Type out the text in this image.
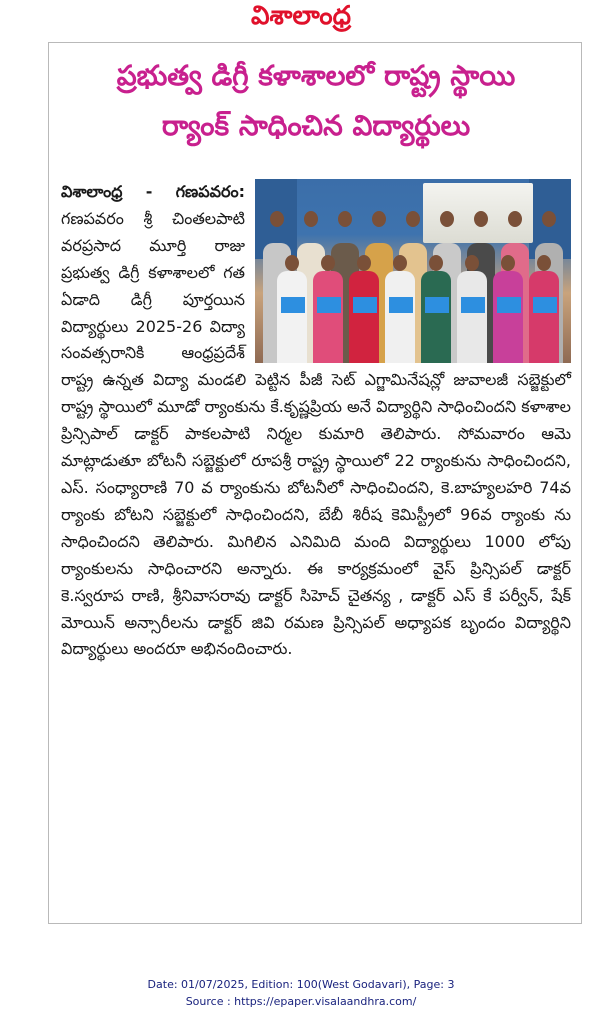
విశాలాంధ్ర
ప్రభుత్వ డిగ్రీ కళాశాలలో రాష్ట్ర స్థాయి
ర్యాంక్ సాధించిన విద్యార్థులు

విశాలాంధ్ర - గణపవరం: గణపవరం శ్రీ చింతలపాటి వరప్రసాద మూర్తి రాజు ప్రభుత్వ డిగ్రీ కళాశాలలో గత ఏడాది డిగ్రీ పూర్తయిన విద్యార్థులు 2025-26 విద్యా సంవత్సరానికి ఆంధ్రప్రదేశ్ రాష్ట్ర ఉన్నత విద్యా మండలి పెట్టిన పీజీ సెట్ ఎగ్జామినేషన్లో జువాలజీ సబ్జెక్టులో రాష్ట్ర స్థాయిలో మూడో ర్యాంకును కే.కృష్ణప్రియ అనే విద్యార్థిని సాధించిందని కళాశాల ప్రిన్సిపాల్ డాక్టర్ పాకలపాటి నిర్మల కుమారి తెలిపారు. సోమవారం ఆమె మాట్లాడుతూ బోటనీ సబ్జెక్టులో రూపశ్రీ రాష్ట్ర స్థాయిలో 22 ర్యాంకును సాధించిందని, ఎస్. సంధ్యారాణి 70 వ ర్యాంకును బోటనీలో సాధించిందని, కె.బాహ్యలహరి 74వ ర్యాంకు బోటని సబ్జెక్టులో సాధించిందని, బేబీ శిరీష కెమిస్ట్రీలో 96వ ర్యాంకు ను సాధించిందని తెలిపారు. మిగిలిన ఎనిమిది మంది విద్యార్థులు 1000 లోపు ర్యాంకులను సాధించారని అన్నారు. ఈ కార్యక్రమంలో వైస్ ప్రిన్సిపల్ డాక్టర్ కె.స్వరూప రాణి, శ్రీనివాసరావు డాక్టర్ సిహెచ్ చైతన్య , డాక్టర్ ఎస్ కే పర్వీన్, షేక్ మోయిన్ అన్సారీలను డాక్టర్ జివి రమణ ప్రిన్సిపల్ అధ్యాపక బృందం విద్యార్థిని విద్యార్థులు అందరూ అభినందించారు.

Date: 01/07/2025, Edition: 100(West Godavari), Page: 3
Source : https://epaper.visalaandhra.com/
